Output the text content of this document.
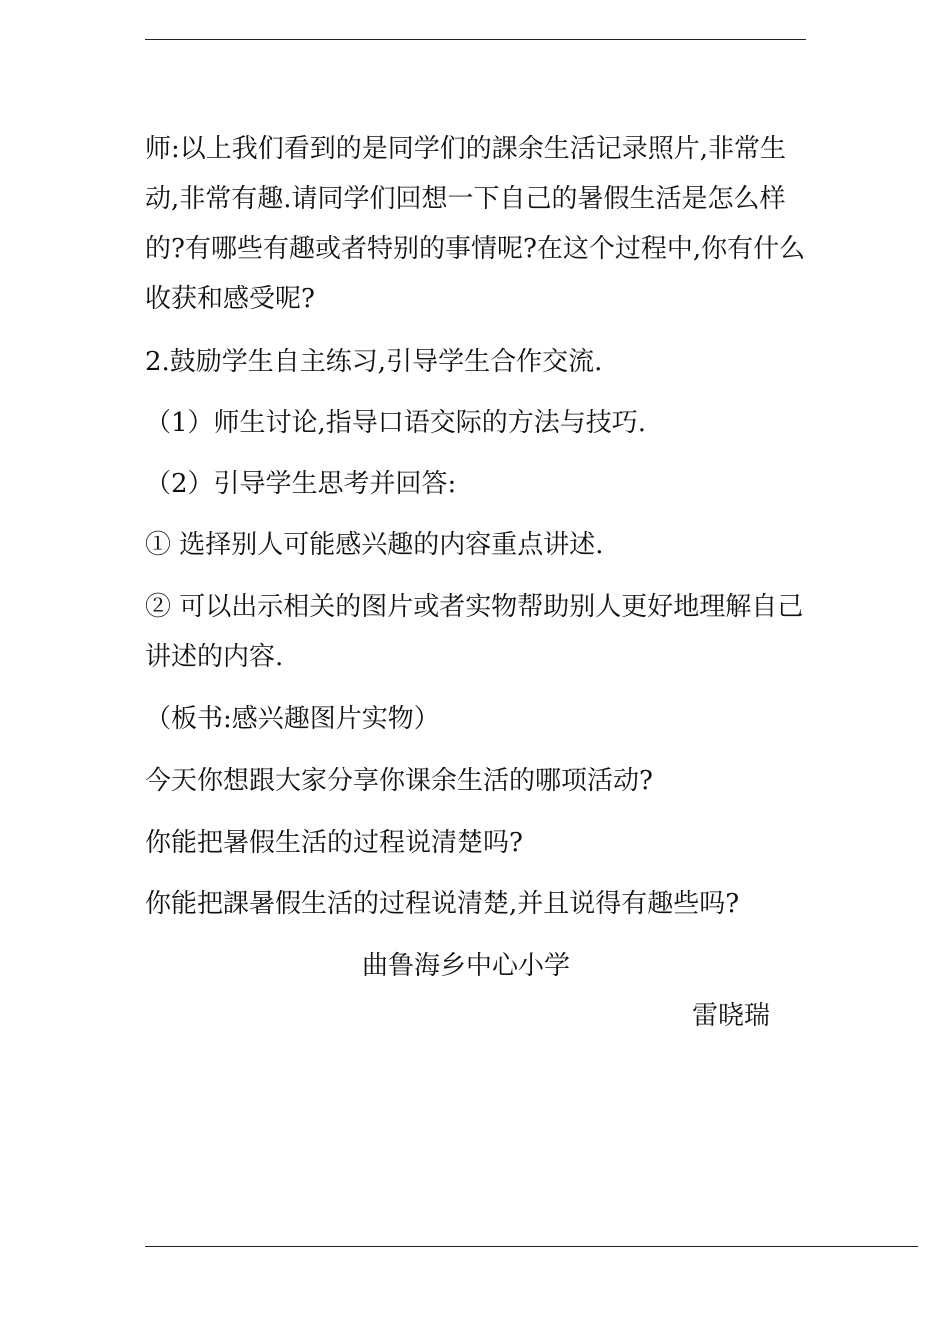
师:以上我们看到的是同学们的課余生活记录照片,非常生
动,非常有趣.请同学们回想一下自己的暑假生活是怎么样
的?有哪些有趣或者特别的事情呢?在这个过程中,你有什么
收获和感受呢?
2.鼓励学生自主练习,引导学生合作交流.
（1）师生讨论,指导口语交际的方法与技巧.
（2）引导学生思考并回答:
① 选择别人可能感兴趣的内容重点讲述.
② 可以出示相关的图片或者实物帮助别人更好地理解自己
讲述的内容.
（板书:感兴趣图片实物）
今天你想跟大家分享你课余生活的哪项活动?
你能把暑假生活的过程说清楚吗?
你能把課暑假生活的过程说清楚,并且说得有趣些吗?
曲鲁海乡中心小学
雷晓瑞
